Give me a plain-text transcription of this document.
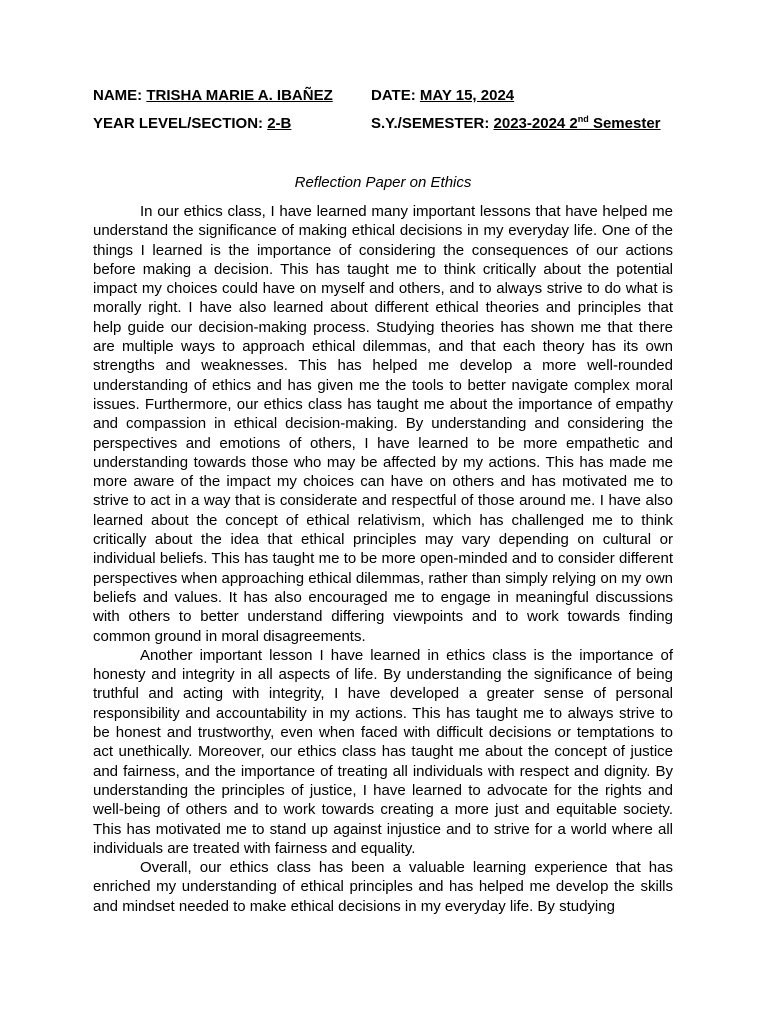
NAME: TRISHA MARIE A. IBAÑEZ	DATE: MAY 15, 2024
YEAR LEVEL/SECTION: 2-B	S.Y./SEMESTER: 2023-2024 2nd Semester
Reflection Paper on Ethics

In our ethics class, I have learned many important lessons that have helped me understand the significance of making ethical decisions in my everyday life. One of the things I learned is the importance of considering the consequences of our actions before making a decision. This has taught me to think critically about the potential impact my choices could have on myself and others, and to always strive to do what is morally right. I have also learned about different ethical theories and principles that help guide our decision-making process. Studying theories has shown me that there are multiple ways to approach ethical dilemmas, and that each theory has its own strengths and weaknesses. This has helped me develop a more well-rounded understanding of ethics and has given me the tools to better navigate complex moral issues. Furthermore, our ethics class has taught me about the importance of empathy and compassion in ethical decision-making. By understanding and considering the perspectives and emotions of others, I have learned to be more empathetic and understanding towards those who may be affected by my actions. This has made me more aware of the impact my choices can have on others and has motivated me to strive to act in a way that is considerate and respectful of those around me. I have also learned about the concept of ethical relativism, which has challenged me to think critically about the idea that ethical principles may vary depending on cultural or individual beliefs. This has taught me to be more open-minded and to consider different perspectives when approaching ethical dilemmas, rather than simply relying on my own beliefs and values. It has also encouraged me to engage in meaningful discussions with others to better understand differing viewpoints and to work towards finding common ground in moral disagreements.

Another important lesson I have learned in ethics class is the importance of honesty and integrity in all aspects of life. By understanding the significance of being truthful and acting with integrity, I have developed a greater sense of personal responsibility and accountability in my actions. This has taught me to always strive to be honest and trustworthy, even when faced with difficult decisions or temptations to act unethically. Moreover, our ethics class has taught me about the concept of justice and fairness, and the importance of treating all individuals with respect and dignity. By understanding the principles of justice, I have learned to advocate for the rights and well-being of others and to work towards creating a more just and equitable society. This has motivated me to stand up against injustice and to strive for a world where all individuals are treated with fairness and equality.

Overall, our ethics class has been a valuable learning experience that has enriched my understanding of ethical principles and has helped me develop the skills and mindset needed to make ethical decisions in my everyday life. By studying
